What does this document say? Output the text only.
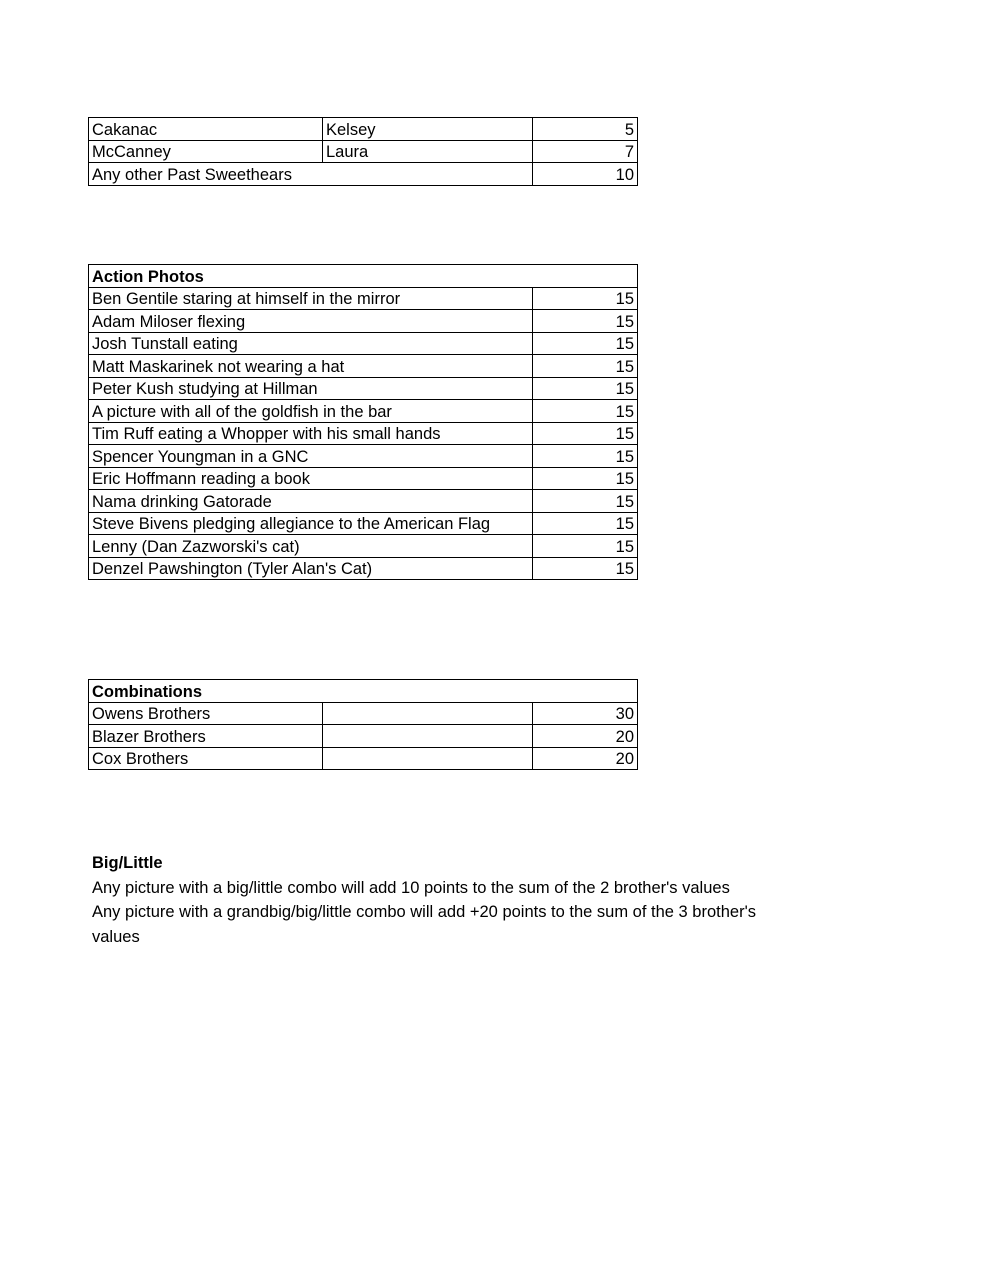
Cakanac	Kelsey	5
McCanney	Laura	7
Any other Past Sweethears		10
Action Photos	
Ben Gentile staring at himself in the mirror	15
Adam Miloser flexing	15
Josh Tunstall eating	15
Matt Maskarinek not wearing a hat	15
Peter Kush studying at Hillman	15
A picture with all of the goldfish in the bar	15
Tim Ruff eating a Whopper with his small hands	15
Spencer Youngman in a GNC	15
Eric Hoffmann reading a book	15
Nama drinking Gatorade	15
Steve Bivens pledging allegiance to the American Flag	15
Lenny (Dan Zazworski's cat)	15
Denzel Pawshington (Tyler Alan's Cat)	15
Combinations		
Owens Brothers		30
Blazer Brothers		20
Cox Brothers		20
Big/Little
Any picture with a big/little combo will add 10 points to the sum of the 2 brother's values
Any picture with a grandbig/big/little combo will add +20 points to the sum of the 3 brother's
values
